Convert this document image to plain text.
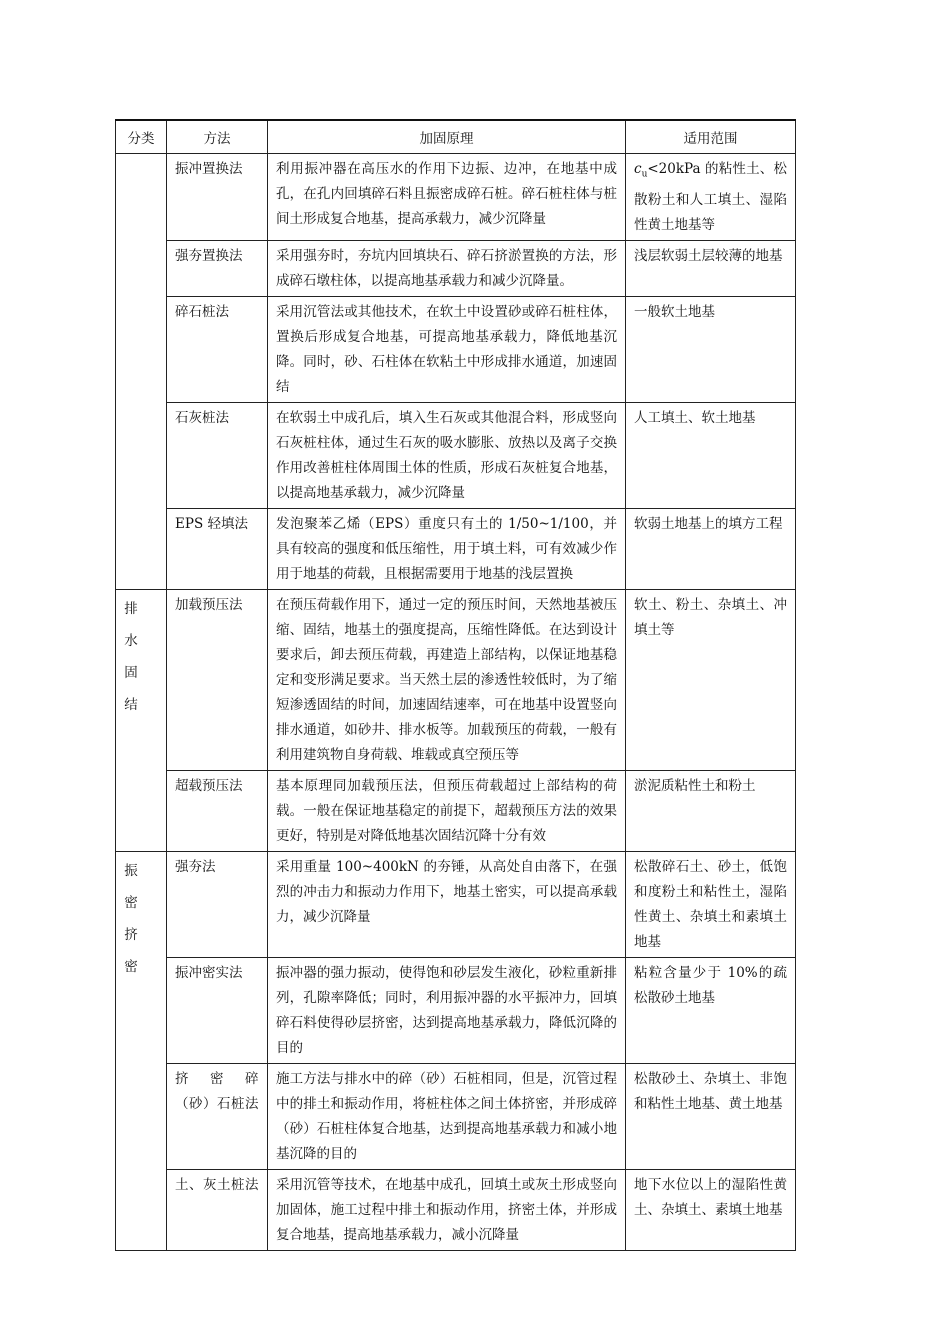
分类	方法	加固原理	适用范围
	振冲置换法	利用振冲器在高压水的作用下边振、边冲，在地基中成孔，在孔内回填碎石料且振密成碎石桩。碎石桩柱体与桩间土形成复合地基，提高承载力，减少沉降量	$c_u<20kPa$ 的粘性土、松散粉土和人工填土、湿陷性黄土地基等
	强夯置换法	采用强夯时，夯坑内回填块石、碎石挤淤置换的方法，形成碎石墩柱体，以提高地基承载力和减少沉降量。	浅层软弱土层较薄的地基
	碎石桩法	采用沉管法或其他技术，在软土中设置砂或碎石桩柱体，置换后形成复合地基，可提高地基承载力，降低地基沉降。同时，砂、石柱体在软粘土中形成排水通道，加速固结	一般软土地基
	石灰桩法	在软弱土中成孔后，填入生石灰或其他混合料，形成竖向石灰桩柱体，通过生石灰的吸水膨胀、放热以及离子交换作用改善桩柱体周围土体的性质，形成石灰桩复合地基，以提高地基承载力，减少沉降量	人工填土、软土地基
	EPS 轻填法	发泡聚苯乙烯（EPS）重度只有土的 1/50~1/100，并具有较高的强度和低压缩性，用于填土料，可有效减少作用于地基的荷载，且根据需要用于地基的浅层置换	软弱土地基上的填方工程
排水固结	加载预压法	在预压荷载作用下，通过一定的预压时间，天然地基被压缩、固结，地基土的强度提高，压缩性降低。在达到设计要求后，卸去预压荷载，再建造上部结构，以保证地基稳定和变形满足要求。当天然土层的渗透性较低时，为了缩短渗透固结的时间，加速固结速率，可在地基中设置竖向排水通道，如砂井、排水板等。加载预压的荷载，一般有利用建筑物自身荷载、堆载或真空预压等	软土、粉土、杂填土、冲填土等
	超载预压法	基本原理同加载预压法，但预压荷载超过上部结构的荷载。一般在保证地基稳定的前提下，超载预压方法的效果更好，特别是对降低地基次固结沉降十分有效	淤泥质粘性土和粉土
振密挤密	强夯法	采用重量 100~400kN 的夯锤，从高处自由落下，在强烈的冲击力和振动力作用下，地基土密实，可以提高承载力，减少沉降量	松散碎石土、砂土，低饱和度粉土和粘性土，湿陷性黄土、杂填土和素填土地基
	振冲密实法	振冲器的强力振动，使得饱和砂层发生液化，砂粒重新排列，孔隙率降低；同时，利用振冲器的水平振冲力，回填碎石料使得砂层挤密，达到提高地基承载力，降低沉降的目的	粘粒含量少于 10%的疏松散砂土地基
	挤 密 碎（砂）石桩法	施工方法与排水中的碎（砂）石桩相同，但是，沉管过程中的排土和振动作用，将桩柱体之间土体挤密，并形成碎（砂）石桩柱体复合地基，达到提高地基承载力和减小地基沉降的目的	松散砂土、杂填土、非饱和粘性土地基、黄土地基
	土、灰土桩法	采用沉管等技术，在地基中成孔，回填土或灰土形成竖向加固体，施工过程中排土和振动作用，挤密土体，并形成复合地基，提高地基承载力，减小沉降量	地下水位以上的湿陷性黄土、杂填土、素填土地基
